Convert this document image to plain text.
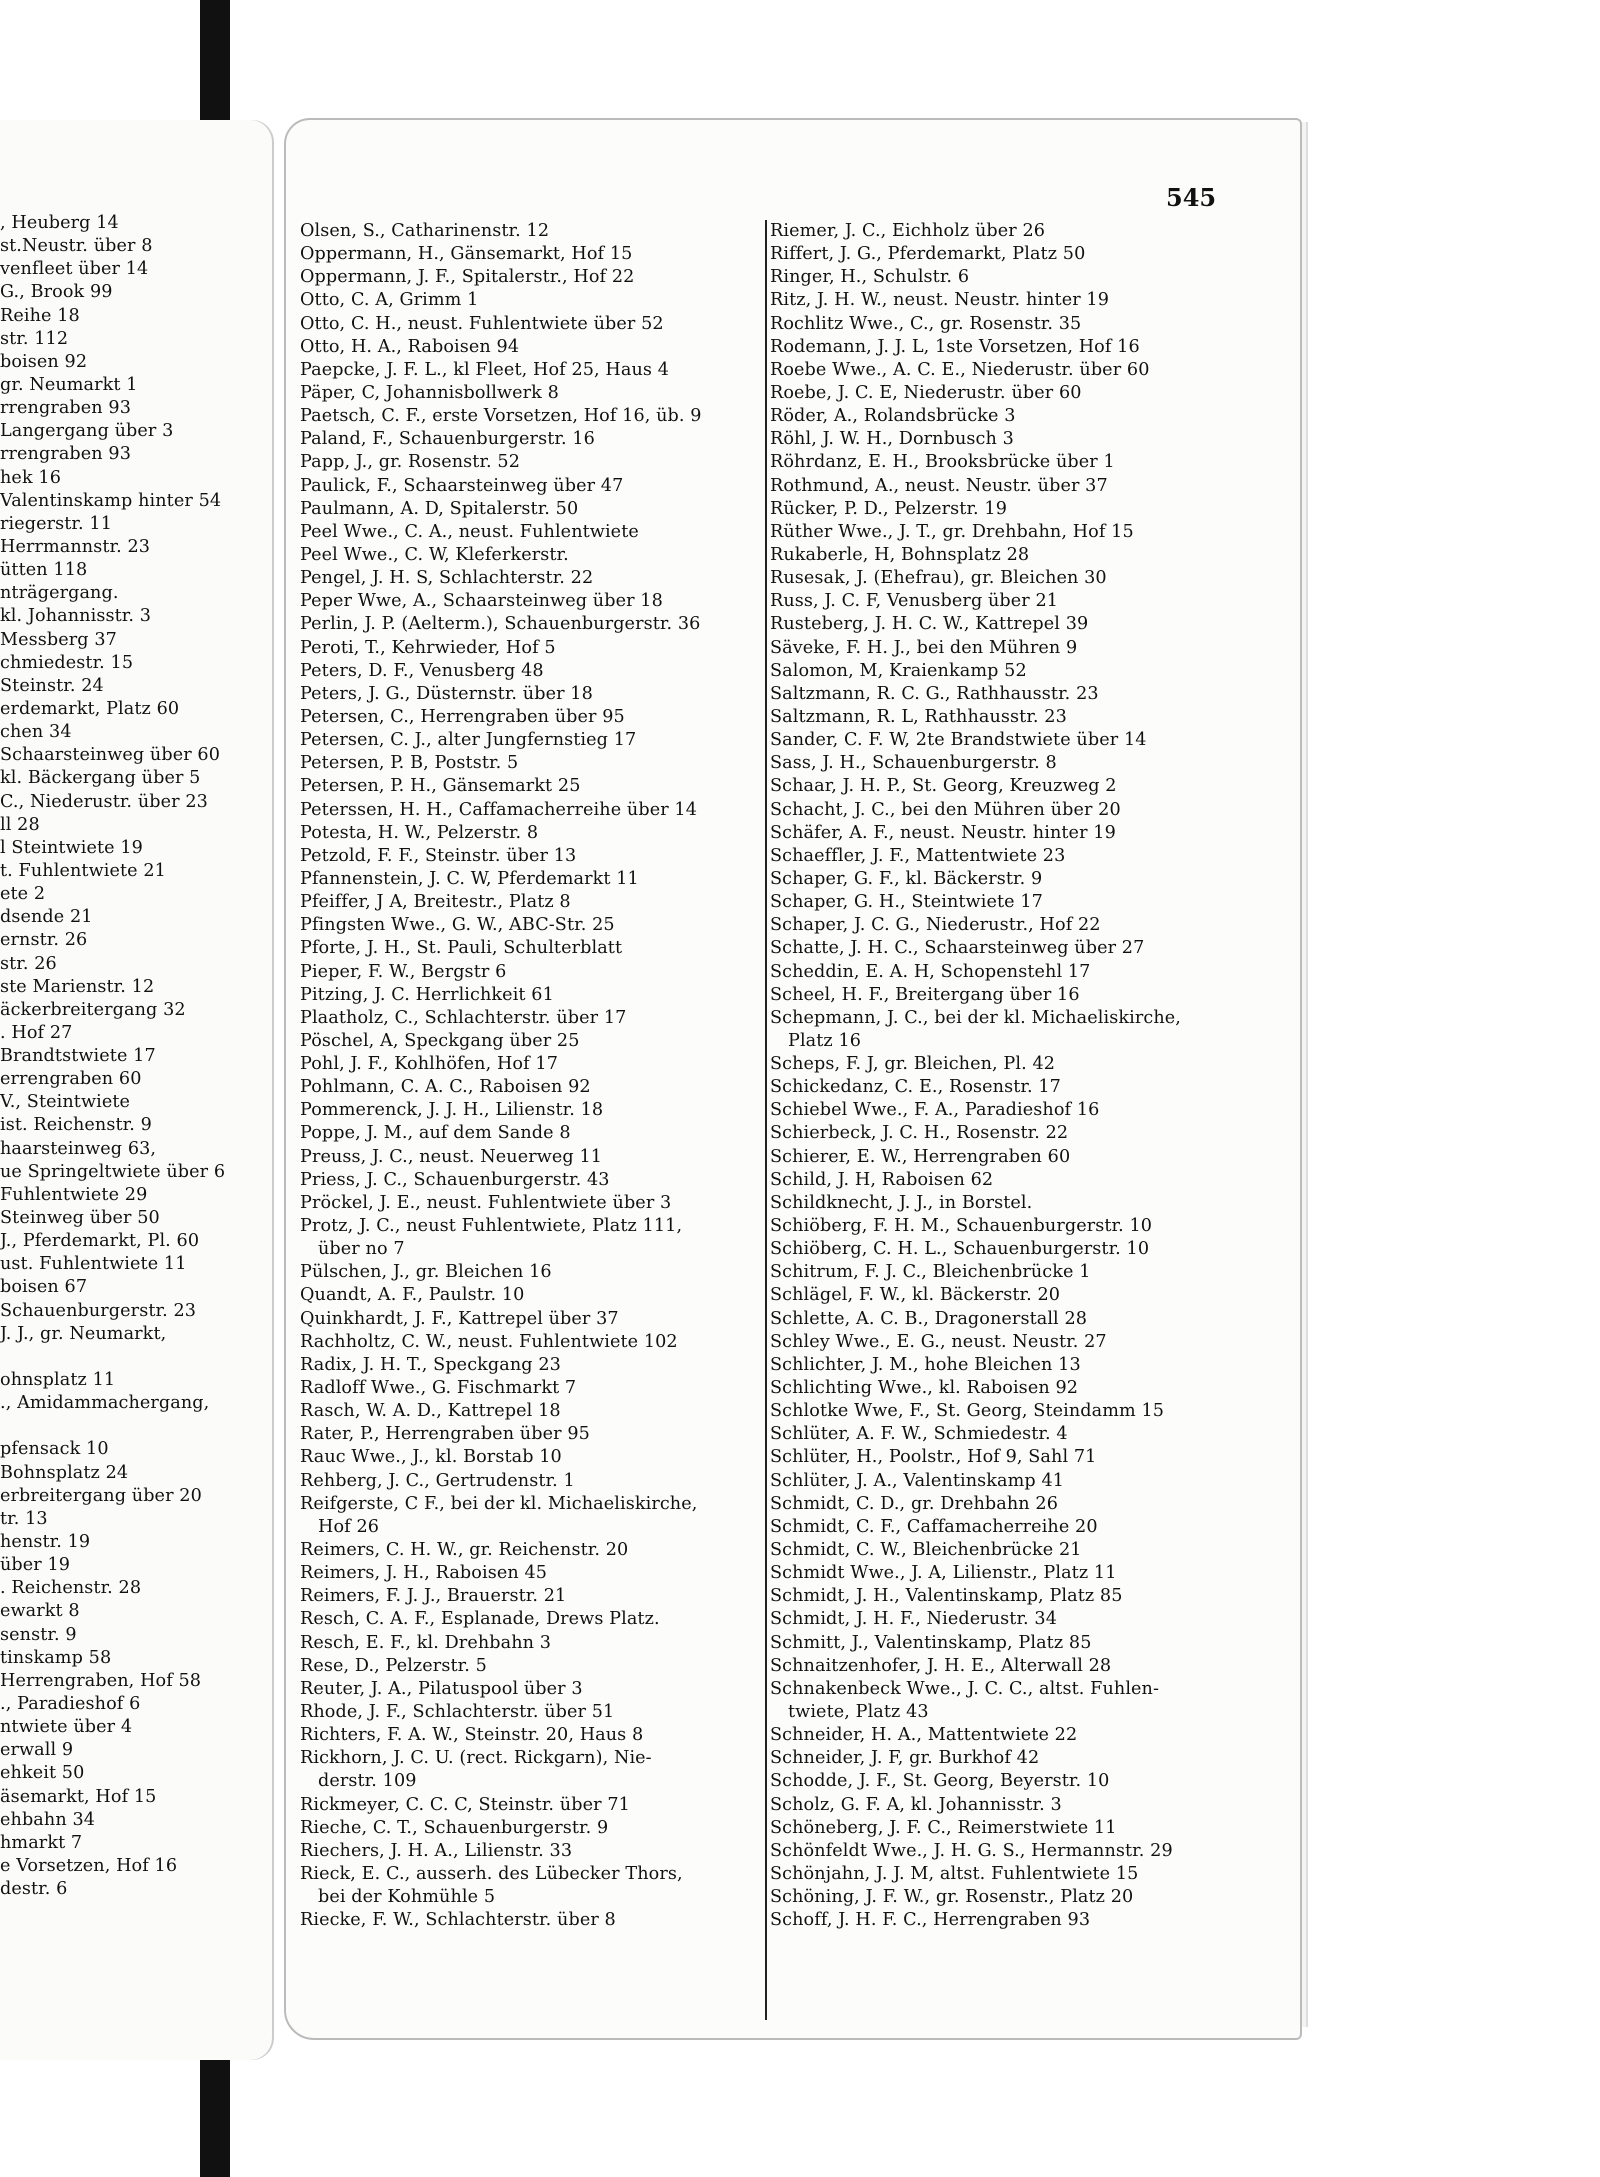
, Heuberg 14
st.Neustr. über 8
venfleet über 14
G., Brook 99
Reihe 18
str. 112
boisen 92
gr. Neumarkt 1
rrengraben 93
Langergang über 3
rrengraben 93
hek 16
Valentinskamp hinter 54
riegerstr. 11
Herrmannstr. 23
ütten 118
nträgergang.
kl. Johannisstr. 3
Messberg 37
chmiedestr. 15
Steinstr. 24
erdemarkt, Platz 60
chen 34
Schaarsteinweg über 60
kl. Bäckergang über 5
C., Niederustr. über 23
ll 28
l Steintwiete 19
t. Fuhlentwiete 21
ete 2
dsende 21
ernstr. 26
str. 26
ste Marienstr. 12
äckerbreitergang 32
. Hof 27
Brandtstwiete 17
errengraben 60
V., Steintwiete
ist. Reichenstr. 9
haarsteinweg 63,
ue Springeltwiete über 6
Fuhlentwiete 29
Steinweg über 50
J., Pferdemarkt, Pl. 60
ust. Fuhlentwiete 11
boisen 67
Schauenburgerstr. 23
J. J., gr. Neumarkt,
ohnsplatz 11
., Amidammachergang,
pfensack 10
Bohnsplatz 24
erbreitergang über 20
tr. 13
henstr. 19
über 19
. Reichenstr. 28
ewarkt 8
senstr. 9
tinskamp 58
Herrengraben, Hof 58
., Paradieshof 6
ntwiete über 4
erwall 9
ehkeit 50
äsemarkt, Hof 15
ehbahn 34
hmarkt 7
e Vorsetzen, Hof 16
destr. 6
545
Olsen, S., Catharinenstr. 12
Oppermann, H., Gänsemarkt, Hof 15
Oppermann, J. F., Spitalerstr., Hof 22
Otto, C. A, Grimm 1
Otto, C. H., neust. Fuhlentwiete über 52
Otto, H. A., Raboisen 94
Paepcke, J. F. L., kl Fleet, Hof 25, Haus 4
Päper, C, Johannisbollwerk 8
Paetsch, C. F., erste Vorsetzen, Hof 16, üb. 9
Paland, F., Schauenburgerstr. 16
Papp, J., gr. Rosenstr. 52
Paulick, F., Schaarsteinweg über 47
Paulmann, A. D, Spitalerstr. 50
Peel Wwe., C. A., neust. Fuhlentwiete
Peel Wwe., C. W, Kleferkerstr.
Pengel, J. H. S, Schlachterstr. 22
Peper Wwe, A., Schaarsteinweg über 18
Perlin, J. P. (Aelterm.), Schauenburgerstr. 36
Peroti, T., Kehrwieder, Hof 5
Peters, D. F., Venusberg 48
Peters, J. G., Düsternstr. über 18
Petersen, C., Herrengraben über 95
Petersen, C. J., alter Jungfernstieg 17
Petersen, P. B, Poststr. 5
Petersen, P. H., Gänsemarkt 25
Peterssen, H. H., Caffamacherreihe über 14
Potesta, H. W., Pelzerstr. 8
Petzold, F. F., Steinstr. über 13
Pfannenstein, J. C. W, Pferdemarkt 11
Pfeiffer, J A, Breitestr., Platz 8
Pfingsten Wwe., G. W., ABC-Str. 25
Pforte, J. H., St. Pauli, Schulterblatt
Pieper, F. W., Bergstr 6
Pitzing, J. C. Herrlichkeit 61
Plaatholz, C., Schlachterstr. über 17
Pöschel, A, Speckgang über 25
Pohl, J. F., Kohlhöfen, Hof 17
Pohlmann, C. A. C., Raboisen 92
Pommerenck, J. J. H., Lilienstr. 18
Poppe, J. M., auf dem Sande 8
Preuss, J. C., neust. Neuerweg 11
Priess, J. C., Schauenburgerstr. 43
Pröckel, J. E., neust. Fuhlentwiete über 3
Protz, J. C., neust Fuhlentwiete, Platz 111,
über no 7
Pülschen, J., gr. Bleichen 16
Quandt, A. F., Paulstr. 10
Quinkhardt, J. F., Kattrepel über 37
Rachholtz, C. W., neust. Fuhlentwiete 102
Radix, J. H. T., Speckgang 23
Radloff Wwe., G. Fischmarkt 7
Rasch, W. A. D., Kattrepel 18
Rater, P., Herrengraben über 95
Rauc Wwe., J., kl. Borstab 10
Rehberg, J. C., Gertrudenstr. 1
Reifgerste, C F., bei der kl. Michaeliskirche,
Hof 26
Reimers, C. H. W., gr. Reichenstr. 20
Reimers, J. H., Raboisen 45
Reimers, F. J. J., Brauerstr. 21
Resch, C. A. F., Esplanade, Drews Platz.
Resch, E. F., kl. Drehbahn 3
Rese, D., Pelzerstr. 5
Reuter, J. A., Pilatuspool über 3
Rhode, J. F., Schlachterstr. über 51
Richters, F. A. W., Steinstr. 20, Haus 8
Rickhorn, J. C. U. (rect. Rickgarn), Nie-
derstr. 109
Rickmeyer, C. C. C, Steinstr. über 71
Rieche, C. T., Schauenburgerstr. 9
Riechers, J. H. A., Lilienstr. 33
Rieck, E. C., ausserh. des Lübecker Thors,
bei der Kohmühle 5
Riecke, F. W., Schlachterstr. über 8
Riemer, J. C., Eichholz über 26
Riffert, J. G., Pferdemarkt, Platz 50
Ringer, H., Schulstr. 6
Ritz, J. H. W., neust. Neustr. hinter 19
Rochlitz Wwe., C., gr. Rosenstr. 35
Rodemann, J. J. L, 1ste Vorsetzen, Hof 16
Roebe Wwe., A. C. E., Niederustr. über 60
Roebe, J. C. E, Niederustr. über 60
Röder, A., Rolandsbrücke 3
Röhl, J. W. H., Dornbusch 3
Röhrdanz, E. H., Brooksbrücke über 1
Rothmund, A., neust. Neustr. über 37
Rücker, P. D., Pelzerstr. 19
Rüther Wwe., J. T., gr. Drehbahn, Hof 15
Rukaberle, H, Bohnsplatz 28
Rusesak, J. (Ehefrau), gr. Bleichen 30
Russ, J. C. F, Venusberg über 21
Rusteberg, J. H. C. W., Kattrepel 39
Säveke, F. H. J., bei den Mühren 9
Salomon, M, Kraienkamp 52
Saltzmann, R. C. G., Rathhausstr. 23
Saltzmann, R. L, Rathhausstr. 23
Sander, C. F. W, 2te Brandstwiete über 14
Sass, J. H., Schauenburgerstr. 8
Schaar, J. H. P., St. Georg, Kreuzweg 2
Schacht, J. C., bei den Mühren über 20
Schäfer, A. F., neust. Neustr. hinter 19
Schaeffler, J. F., Mattentwiete 23
Schaper, G. F., kl. Bäckerstr. 9
Schaper, G. H., Steintwiete 17
Schaper, J. C. G., Niederustr., Hof 22
Schatte, J. H. C., Schaarsteinweg über 27
Scheddin, E. A. H, Schopenstehl 17
Scheel, H. F., Breitergang über 16
Schepmann, J. C., bei der kl. Michaeliskirche,
Platz 16
Scheps, F. J, gr. Bleichen, Pl. 42
Schickedanz, C. E., Rosenstr. 17
Schiebel Wwe., F. A., Paradieshof 16
Schierbeck, J. C. H., Rosenstr. 22
Schierer, E. W., Herrengraben 60
Schild, J. H, Raboisen 62
Schildknecht, J. J., in Borstel.
Schiöberg, F. H. M., Schauenburgerstr. 10
Schiöberg, C. H. L., Schauenburgerstr. 10
Schitrum, F. J. C., Bleichenbrücke 1
Schlägel, F. W., kl. Bäckerstr. 20
Schlette, A. C. B., Dragonerstall 28
Schley Wwe., E. G., neust. Neustr. 27
Schlichter, J. M., hohe Bleichen 13
Schlichting Wwe., kl. Raboisen 92
Schlotke Wwe, F., St. Georg, Steindamm 15
Schlüter, A. F. W., Schmiedestr. 4
Schlüter, H., Poolstr., Hof 9, Sahl 71
Schlüter, J. A., Valentinskamp 41
Schmidt, C. D., gr. Drehbahn 26
Schmidt, C. F., Caffamacherreihe 20
Schmidt, C. W., Bleichenbrücke 21
Schmidt Wwe., J. A, Lilienstr., Platz 11
Schmidt, J. H., Valentinskamp, Platz 85
Schmidt, J. H. F., Niederustr. 34
Schmitt, J., Valentinskamp, Platz 85
Schnaitzenhofer, J. H. E., Alterwall 28
Schnakenbeck Wwe., J. C. C., altst. Fuhlen-
twiete, Platz 43
Schneider, H. A., Mattentwiete 22
Schneider, J. F, gr. Burkhof 42
Schodde, J. F., St. Georg, Beyerstr. 10
Scholz, G. F. A, kl. Johannisstr. 3
Schöneberg, J. F. C., Reimerstwiete 11
Schönfeldt Wwe., J. H. G. S., Hermannstr. 29
Schönjahn, J. J. M, altst. Fuhlentwiete 15
Schöning, J. F. W., gr. Rosenstr., Platz 20
Schoff, J. H. F. C., Herrengraben 93
